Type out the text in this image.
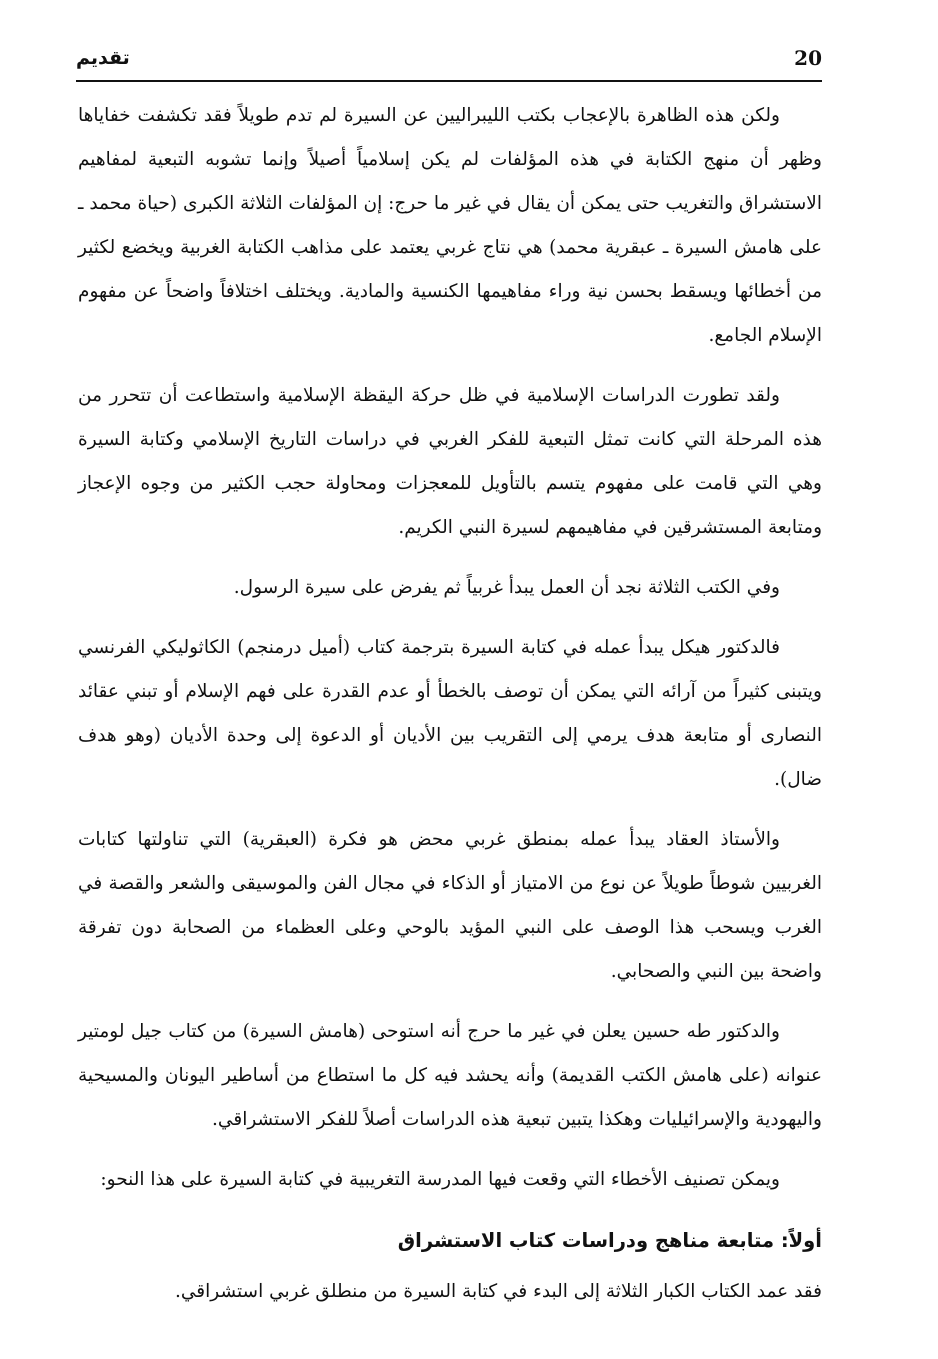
20
تقديم

ولكن هذه الظاهرة بالإعجاب بكتب الليبراليين عن السيرة لم تدم طويلاً فقد تكشفت خفاياها وظهر أن منهج الكتابة في هذه المؤلفات لم يكن إسلامياً أصيلاً وإنما تشوبه التبعية لمفاهيم الاستشراق والتغريب حتى يمكن أن يقال في غير ما حرج: إن المؤلفات الثلاثة الكبرى (حياة محمد ـ على هامش السيرة ـ عبقرية محمد) هي نتاج غربي يعتمد على مذاهب الكتابة الغربية ويخضع لكثير من أخطائها ويسقط بحسن نية وراء مفاهيمها الكنسية والمادية. ويختلف اختلافاً واضحاً عن مفهوم الإسلام الجامع.

ولقد تطورت الدراسات الإسلامية في ظل حركة اليقظة الإسلامية واستطاعت أن تتحرر من هذه المرحلة التي كانت تمثل التبعية للفكر الغربي في دراسات التاريخ الإسلامي وكتابة السيرة وهي التي قامت على مفهوم يتسم بالتأويل للمعجزات ومحاولة حجب الكثير من وجوه الإعجاز ومتابعة المستشرقين في مفاهيمهم لسيرة النبي الكريم.

وفي الكتب الثلاثة نجد أن العمل يبدأ غربياً ثم يفرض على سيرة الرسول.

فالدكتور هيكل يبدأ عمله في كتابة السيرة بترجمة كتاب (أميل درمنجم) الكاثوليكي الفرنسي ويتبنى كثيراً من آرائه التي يمكن أن توصف بالخطأ أو عدم القدرة على فهم الإسلام أو تبني عقائد النصارى أو متابعة هدف يرمي إلى التقريب بين الأديان أو الدعوة إلى وحدة الأديان (وهو هدف ضال).

والأستاذ العقاد يبدأ عمله بمنطق غربي محض هو فكرة (العبقرية) التي تناولتها كتابات الغربيين شوطاً طويلاً عن نوع من الامتياز أو الذكاء في مجال الفن والموسيقى والشعر والقصة في الغرب ويسحب هذا الوصف على النبي المؤيد بالوحي وعلى العظماء من الصحابة دون تفرقة واضحة بين النبي والصحابي.

والدكتور طه حسين يعلن في غير ما حرج أنه استوحى (هامش السيرة) من كتاب جيل لومتير عنوانه (على هامش الكتب القديمة) وأنه يحشد فيه كل ما استطاع من أساطير اليونان والمسيحية واليهودية والإسرائيليات وهكذا يتبين تبعية هذه الدراسات أصلاً للفكر الاستشراقي.

ويمكن تصنيف الأخطاء التي وقعت فيها المدرسة التغريبية في كتابة السيرة على هذا النحو:

أولاً: متابعة مناهج ودراسات كتاب الاستشراق

فقد عمد الكتاب الكبار الثلاثة إلى البدء في كتابة السيرة من منطلق غربي استشراقي.
